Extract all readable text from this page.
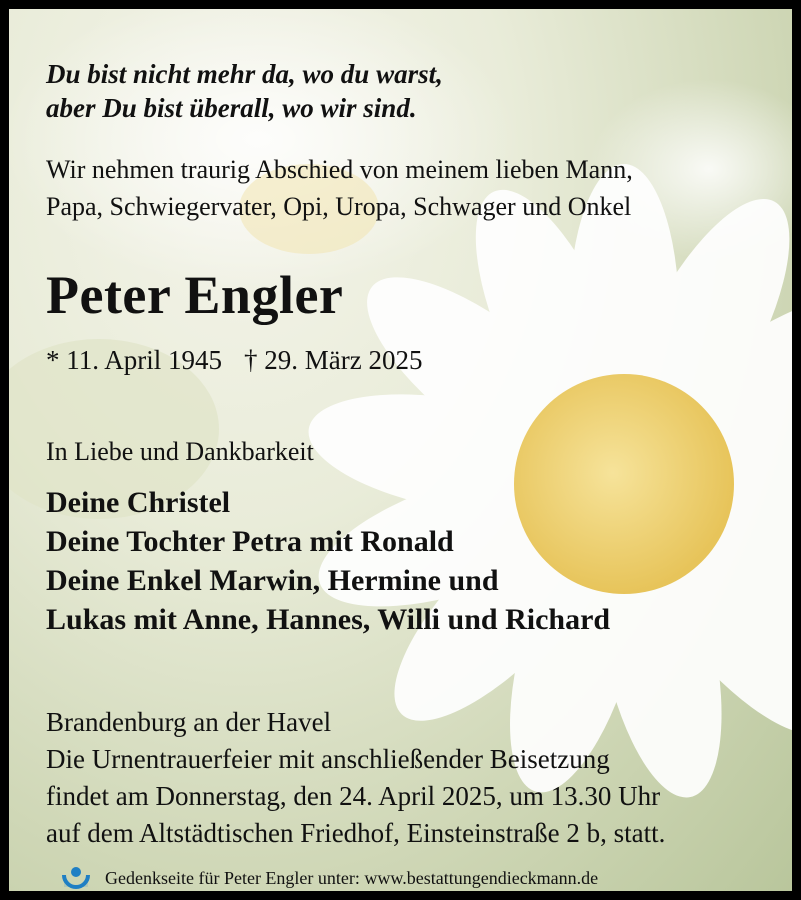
Du bist nicht mehr da, wo du warst,
aber Du bist überall, wo wir sind.
Wir nehmen traurig Abschied von meinem lieben Mann,
Papa, Schwiegervater, Opi, Uropa, Schwager und Onkel
Peter Engler
* 11. April 1945 † 29. März 2025
In Liebe und Dankbarkeit
Deine Christel
Deine Tochter Petra mit Ronald
Deine Enkel Marwin, Hermine und
Lukas mit Anne, Hannes, Willi und Richard
Brandenburg an der Havel
Die Urnentrauerfeier mit anschließender Beisetzung
findet am Donnerstag, den 24. April 2025, um 13.30 Uhr
auf dem Altstädtischen Friedhof, Einsteinstraße 2 b, statt.
Gedenkseite für Peter Engler unter: www.bestattungendieckmann.de
